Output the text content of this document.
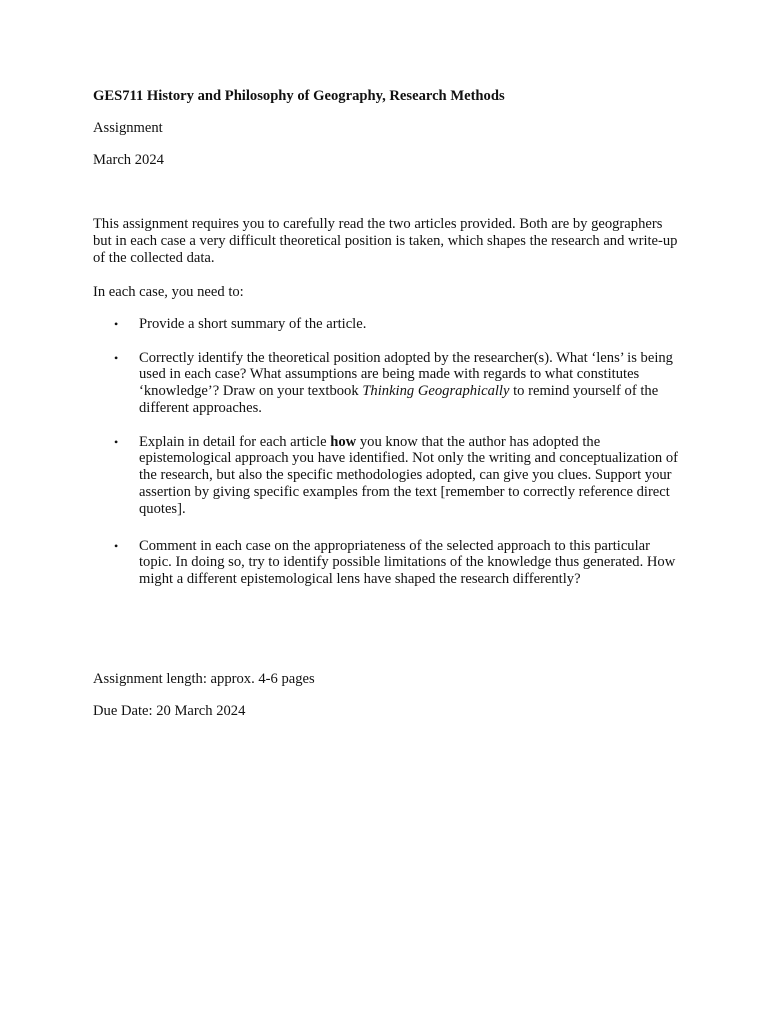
GES711 History and Philosophy of Geography, Research Methods

Assignment

March 2024

This assignment requires you to carefully read the two articles provided. Both are by geographers but in each case a very difficult theoretical position is taken, which shapes the research and write-up of the collected data.

In each case, you need to:

• Provide a short summary of the article.
• Correctly identify the theoretical position adopted by the researcher(s). What ‘lens’ is being used in each case? What assumptions are being made with regards to what constitutes ‘knowledge’? Draw on your textbook Thinking Geographically to remind yourself of the different approaches.
• Explain in detail for each article how you know that the author has adopted the epistemological approach you have identified. Not only the writing and conceptualization of the research, but also the specific methodologies adopted, can give you clues. Support your assertion by giving specific examples from the text [remember to correctly reference direct quotes].
• Comment in each case on the appropriateness of the selected approach to this particular topic. In doing so, try to identify possible limitations of the knowledge thus generated. How might a different epistemological lens have shaped the research differently?

Assignment length: approx. 4-6 pages

Due Date: 20 March 2024
